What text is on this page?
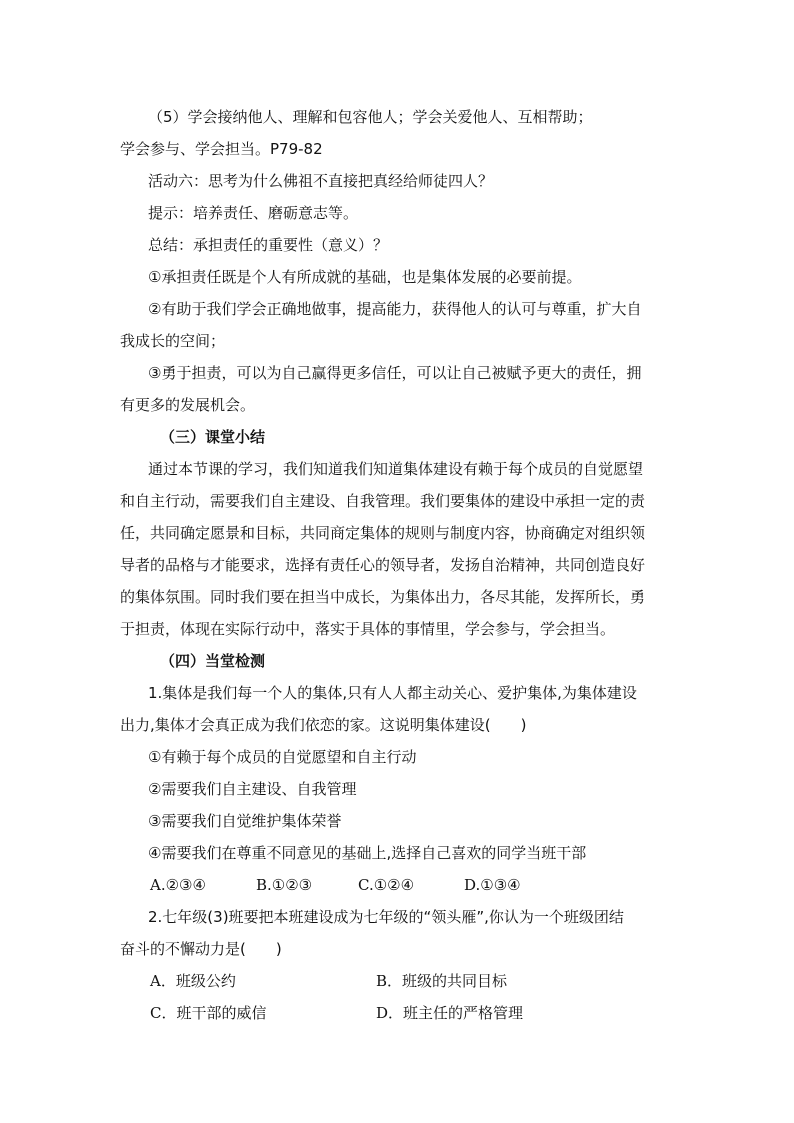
（5）学会接纳他人、理解和包容他人；学会关爱他人、互相帮助；
学会参与、学会担当。P79-82
活动六：思考为什么佛祖不直接把真经给师徒四人？
提示：培养责任、磨砺意志等。
总结：承担责任的重要性（意义）？
①承担责任既是个人有所成就的基础，也是集体发展的必要前提。
②有助于我们学会正确地做事，提高能力，获得他人的认可与尊重，扩大自
我成长的空间；
③勇于担责，可以为自己赢得更多信任，可以让自己被赋予更大的责任，拥
有更多的发展机会。
（三）课堂小结
通过本节课的学习，我们知道我们知道集体建设有赖于每个成员的自觉愿望
和自主行动，需要我们自主建设、自我管理。我们要集体的建设中承担一定的责
任，共同确定愿景和目标，共同商定集体的规则与制度内容，协商确定对组织领
导者的品格与才能要求，选择有责任心的领导者，发扬自治精神，共同创造良好
的集体氛围。同时我们要在担当中成长，为集体出力，各尽其能，发挥所长，勇
于担责，体现在实际行动中，落实于具体的事情里，学会参与，学会担当。
（四）当堂检测
1.集体是我们每一个人的集体,只有人人都主动关心、爱护集体,为集体建设
出力,集体才会真正成为我们依恋的家。这说明集体建设(　　)
①有赖于每个成员的自觉愿望和自主行动
②需要我们自主建设、自我管理
③需要我们自觉维护集体荣誉
④需要我们在尊重不同意见的基础上,选择自己喜欢的同学当班干部
A.②③④	B.①②③	C.①②④	D.①③④
2.七年级(3)班要把本班建设成为七年级的“领头雁”,你认为一个班级团结
奋斗的不懈动力是(　　)
A．班级公约	B．班级的共同目标
C．班干部的威信	D．班主任的严格管理
